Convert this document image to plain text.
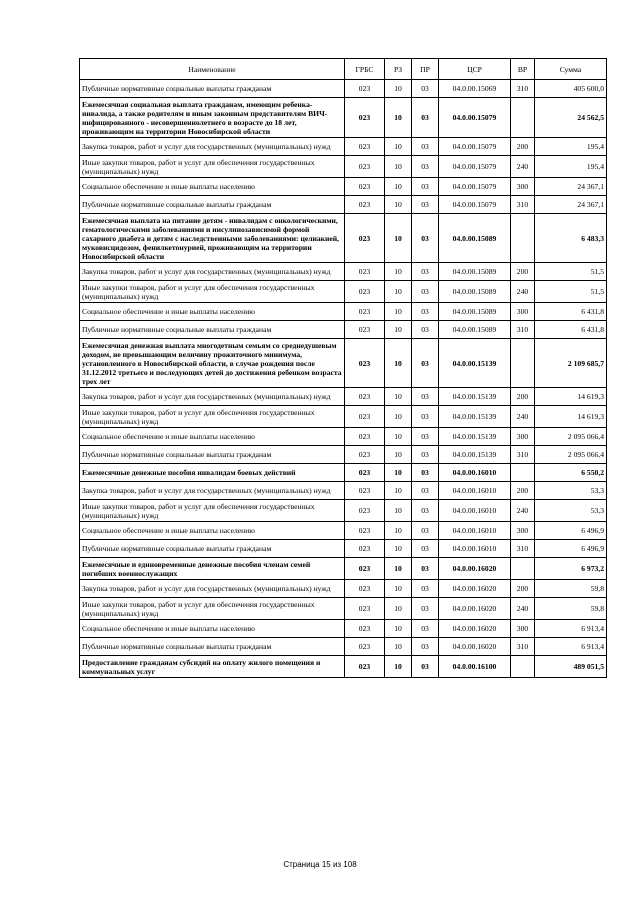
Наименование	ГРБС	РЗ	ПР	ЦСР	ВР	Сумма
Публичные нормативные социальные выплаты гражданам	023	10	03	04.0.00.15069	310	405 600,0
Ежемесячная социальная выплата гражданам, имеющим ребенка-инвалида, а также родителям и иным законным представителям ВИЧ-инфицированного - несовершеннолетнего в возрасте до 18 лет, проживающим на территории Новосибирской области	023	10	03	04.0.00.15079		24 562,5
Закупка товаров, работ и услуг для государственных (муниципальных) нужд	023	10	03	04.0.00.15079	200	195,4
Иные закупки товаров, работ и услуг для обеспечения государственных (муниципальных) нужд	023	10	03	04.0.00.15079	240	195,4
Социальное обеспечение и иные выплаты населению	023	10	03	04.0.00.15079	300	24 367,1
Публичные нормативные социальные выплаты гражданам	023	10	03	04.0.00.15079	310	24 367,1
Ежемесячная выплата на питание детям - инвалидам с онкологическими, гематологическими заболеваниями и инсулинозависимой формой сахарного диабета и детям с наследственными заболеваниями: целиакией, муковисцидозом, фенилкетонурией, проживающим на территории Новосибирской области	023	10	03	04.0.00.15089		6 483,3
Закупка товаров, работ и услуг для государственных (муниципальных) нужд	023	10	03	04.0.00.15089	200	51,5
Иные закупки товаров, работ и услуг для обеспечения государственных (муниципальных) нужд	023	10	03	04.0.00.15089	240	51,5
Социальное обеспечение и иные выплаты населению	023	10	03	04.0.00.15089	300	6 431,8
Публичные нормативные социальные выплаты гражданам	023	10	03	04.0.00.15089	310	6 431,8
Ежемесячная денежная выплата многодетным семьям со среднедушевым доходом, не превышающим величину прожиточного минимума, установленного в Новосибирской области, в случае рождения после 31.12.2012 третьего и последующих детей до достижения ребенком возраста трех лет	023	10	03	04.0.00.15139		2 109 685,7
Закупка товаров, работ и услуг для государственных (муниципальных) нужд	023	10	03	04.0.00.15139	200	14 619,3
Иные закупки товаров, работ и услуг для обеспечения государственных (муниципальных) нужд	023	10	03	04.0.00.15139	240	14 619,3
Социальное обеспечение и иные выплаты населению	023	10	03	04.0.00.15139	300	2 095 066,4
Публичные нормативные социальные выплаты гражданам	023	10	03	04.0.00.15139	310	2 095 066,4
Ежемесячные денежные пособия инвалидам боевых действий	023	10	03	04.0.00.16010		6 550,2
Закупка товаров, работ и услуг для государственных (муниципальных) нужд	023	10	03	04.0.00.16010	200	53,3
Иные закупки товаров, работ и услуг для обеспечения государственных (муниципальных) нужд	023	10	03	04.0.00.16010	240	53,3
Социальное обеспечение и иные выплаты населению	023	10	03	04.0.00.16010	300	6 496,9
Публичные нормативные социальные выплаты гражданам	023	10	03	04.0.00.16010	310	6 496,9
Ежемесячные и единовременные денежные пособия членам семей погибших военнослужащих	023	10	03	04.0.00.16020		6 973,2
Закупка товаров, работ и услуг для государственных (муниципальных) нужд	023	10	03	04.0.00.16020	200	59,8
Иные закупки товаров, работ и услуг для обеспечения государственных (муниципальных) нужд	023	10	03	04.0.00.16020	240	59,8
Социальное обеспечение и иные выплаты населению	023	10	03	04.0.00.16020	300	6 913,4
Публичные нормативные социальные выплаты гражданам	023	10	03	04.0.00.16020	310	6 913,4
Предоставление гражданам субсидий на оплату жилого помещения и коммунальных услуг	023	10	03	04.0.00.16100		489 051,5
Страница 15 из 108
